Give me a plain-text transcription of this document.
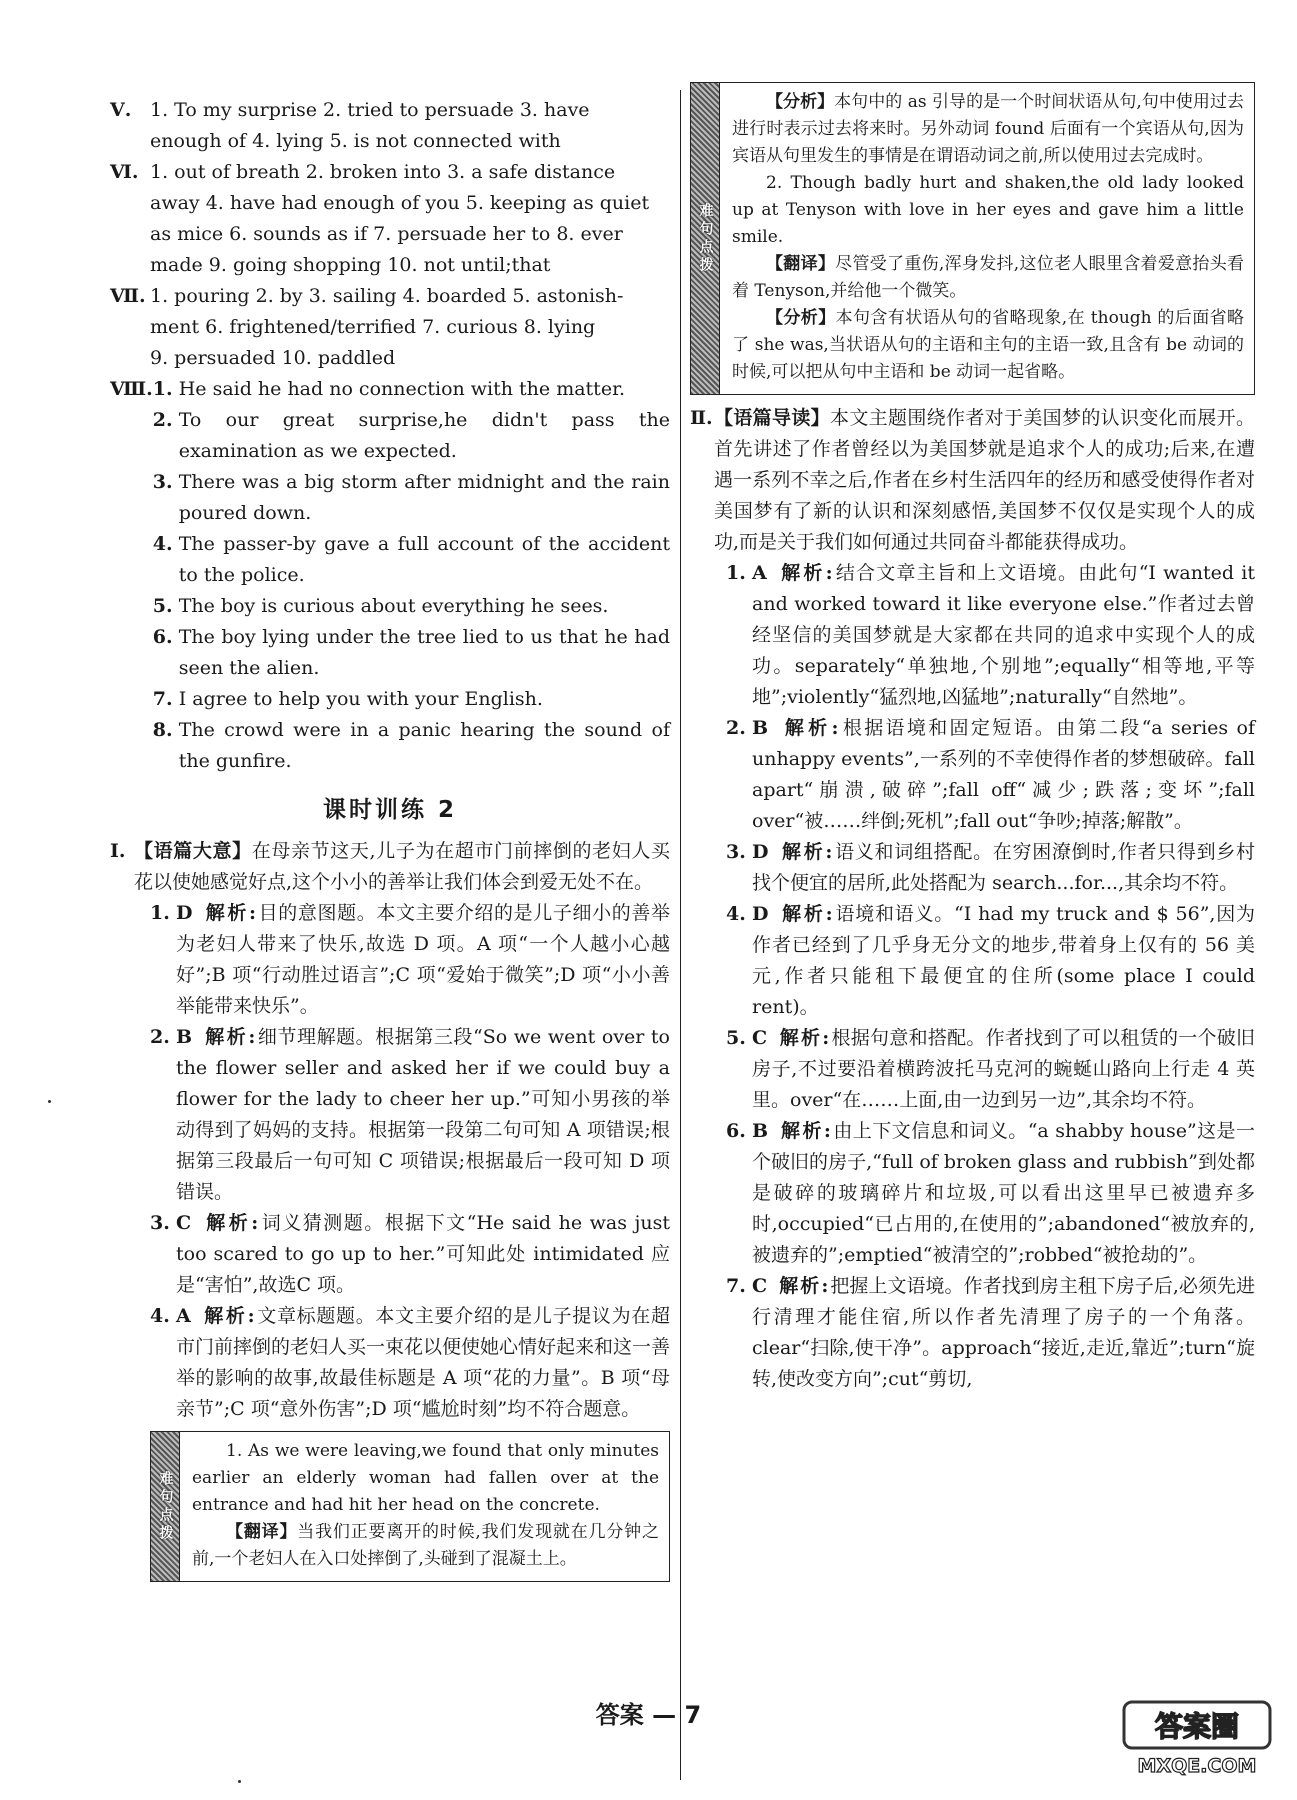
Ⅴ. 1. To my surprise 2. tried to persuade 3. have
enough of 4. lying 5. is not connected with
Ⅵ. 1. out of breath 2. broken into 3. a safe distance
away 4. have had enough of you 5. keeping as quiet
as mice 6. sounds as if 7. persuade her to 8. ever
made 9. going shopping 10. not until;that
Ⅶ. 1. pouring 2. by 3. sailing 4. boarded 5. astonish-
ment 6. frightened/terrified 7. curious 8. lying
9. persuaded 10. paddled
Ⅷ. 1. He said he had no connection with the matter.
2. To our great surprise,he didn't pass the examination as we expected.
3. There was a big storm after midnight and the rain poured down.
4. The passer-by gave a full account of the accident to the police.
5. The boy is curious about everything he sees.
6. The boy lying under the tree lied to us that he had seen the alien.
7. I agree to help you with your English.
8. The crowd were in a panic hearing the sound of the gunfire.
课时训练 2
Ⅰ. 【语篇大意】在母亲节这天,儿子为在超市门前摔倒的老妇人买花以使她感觉好点,这个小小的善举让我们体会到爱无处不在。
1. D 解析:目的意图题。本文主要介绍的是儿子细小的善举为老妇人带来了快乐,故选 D 项。A 项“一个人越小心越好”;B 项“行动胜过语言”;C 项“爱始于微笑”;D 项“小小善举能带来快乐”。
2. B 解析:细节理解题。根据第三段“So we went over to the flower seller and asked her if we could buy a flower for the lady to cheer her up.”可知小男孩的举动得到了妈妈的支持。根据第一段第二句可知 A 项错误;根据第三段最后一句可知 C 项错误;根据最后一段可知 D 项错误。
3. C 解析:词义猜测题。根据下文“He said he was just too scared to go up to her.”可知此处 intimidated 应是“害怕”,故选C 项。
4. A 解析:文章标题题。本文主要介绍的是儿子提议为在超市门前摔倒的老妇人买一束花以便使她心情好起来和这一善举的影响的故事,故最佳标题是 A 项“花的力量”。B 项“母亲节”;C 项“意外伤害”;D 项“尴尬时刻”均不符合题意。
难句点拨

1. As we were leaving,we found that only minutes earlier an elderly woman had fallen over at the entrance and had hit her head on the concrete.

【翻译】当我们正要离开的时候,我们发现就在几分钟之前,一个老妇人在入口处摔倒了,头碰到了混凝土上。

难句点拨

【分析】本句中的 as 引导的是一个时间状语从句,句中使用过去进行时表示过去将来时。另外动词 found 后面有一个宾语从句,因为宾语从句里发生的事情是在谓语动词之前,所以使用过去完成时。

2. Though badly hurt and shaken,the old lady looked up at Tenyson with love in her eyes and gave him a little smile.

【翻译】尽管受了重伤,浑身发抖,这位老人眼里含着爱意抬头看着 Tenyson,并给他一个微笑。

【分析】本句含有状语从句的省略现象,在 though 的后面省略了 she was,当状语从句的主语和主句的主语一致,且含有 be 动词的时候,可以把从句中主语和 be 动词一起省略。

Ⅱ. 【语篇导读】本文主题围绕作者对于美国梦的认识变化而展开。首先讲述了作者曾经以为美国梦就是追求个人的成功;后来,在遭遇一系列不幸之后,作者在乡村生活四年的经历和感受使得作者对美国梦有了新的认识和深刻感悟,美国梦不仅仅是实现个人的成功,而是关于我们如何通过共同奋斗都能获得成功。
1. A 解析:结合文章主旨和上文语境。由此句“I wanted it and worked toward it like everyone else.”作者过去曾经坚信的美国梦就是大家都在共同的追求中实现个人的成功。separately“单独地,个别地”;equally“相等地,平等地”;violently“猛烈地,凶猛地”;naturally“自然地”。
2. B 解析:根据语境和固定短语。由第二段“a series of unhappy events”,一系列的不幸使得作者的梦想破碎。fall apart“崩溃,破碎”;fall off“减少;跌落;变坏”;fall over“被……绊倒;死机”;fall out“争吵;掉落;解散”。
3. D 解析:语义和词组搭配。在穷困潦倒时,作者只得到乡村找个便宜的居所,此处搭配为 search...for...,其余均不符。
4. D 解析:语境和语义。“I had my truck and $ 56”,因为作者已经到了几乎身无分文的地步,带着身上仅有的 56 美元,作者只能租下最便宜的住所(some place I could rent)。
5. C 解析:根据句意和搭配。作者找到了可以租赁的一个破旧房子,不过要沿着横跨波托马克河的蜿蜒山路向上行走 4 英里。over“在……上面,由一边到另一边”,其余均不符。
6. B 解析:由上下文信息和词义。“a shabby house”这是一个破旧的房子,“full of broken glass and rubbish”到处都是破碎的玻璃碎片和垃圾,可以看出这里早已被遗弃多时,occupied“已占用的,在使用的”;abandoned“被放弃的,被遗弃的”;emptied“被清空的”;robbed“被抢劫的”。
7. C 解析:把握上文语境。作者找到房主租下房子后,必须先进行清理才能住宿,所以作者先清理了房子的一个角落。clear“扫除,使干净”。approach“接近,走近,靠近”;turn“旋转,使改变方向”;cut“剪切,
答案 — 7	答案圈
MXQE.COM
